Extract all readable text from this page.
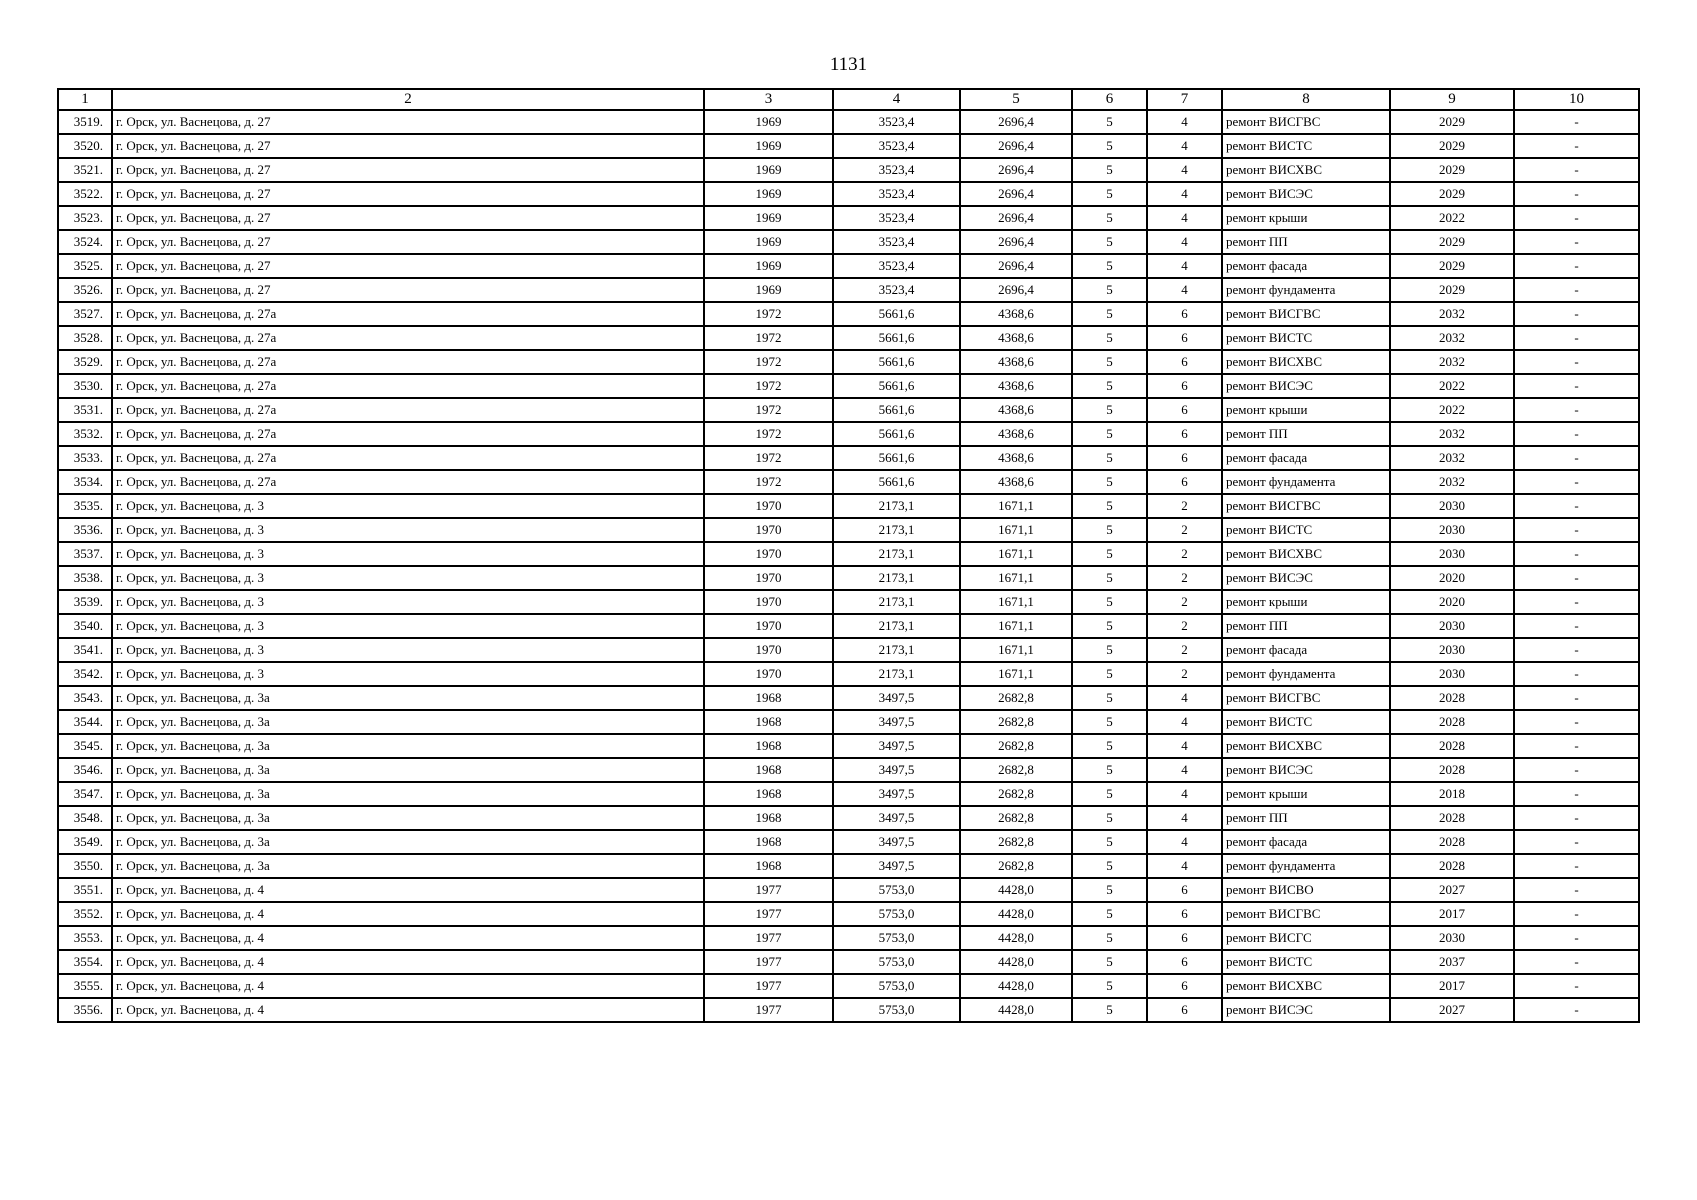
1131
1	2	3	4	5	6	7	8	9	10
3519.	г. Орск, ул. Васнецова, д. 27	1969	3523,4	2696,4	5	4	ремонт ВИСГВС	2029	-
3520.	г. Орск, ул. Васнецова, д. 27	1969	3523,4	2696,4	5	4	ремонт ВИСТС	2029	-
3521.	г. Орск, ул. Васнецова, д. 27	1969	3523,4	2696,4	5	4	ремонт ВИСХВС	2029	-
3522.	г. Орск, ул. Васнецова, д. 27	1969	3523,4	2696,4	5	4	ремонт ВИСЭС	2029	-
3523.	г. Орск, ул. Васнецова, д. 27	1969	3523,4	2696,4	5	4	ремонт крыши	2022	-
3524.	г. Орск, ул. Васнецова, д. 27	1969	3523,4	2696,4	5	4	ремонт ПП	2029	-
3525.	г. Орск, ул. Васнецова, д. 27	1969	3523,4	2696,4	5	4	ремонт фасада	2029	-
3526.	г. Орск, ул. Васнецова, д. 27	1969	3523,4	2696,4	5	4	ремонт фундамента	2029	-
3527.	г. Орск, ул. Васнецова, д. 27а	1972	5661,6	4368,6	5	6	ремонт ВИСГВС	2032	-
3528.	г. Орск, ул. Васнецова, д. 27а	1972	5661,6	4368,6	5	6	ремонт ВИСТС	2032	-
3529.	г. Орск, ул. Васнецова, д. 27а	1972	5661,6	4368,6	5	6	ремонт ВИСХВС	2032	-
3530.	г. Орск, ул. Васнецова, д. 27а	1972	5661,6	4368,6	5	6	ремонт ВИСЭС	2022	-
3531.	г. Орск, ул. Васнецова, д. 27а	1972	5661,6	4368,6	5	6	ремонт крыши	2022	-
3532.	г. Орск, ул. Васнецова, д. 27а	1972	5661,6	4368,6	5	6	ремонт ПП	2032	-
3533.	г. Орск, ул. Васнецова, д. 27а	1972	5661,6	4368,6	5	6	ремонт фасада	2032	-
3534.	г. Орск, ул. Васнецова, д. 27а	1972	5661,6	4368,6	5	6	ремонт фундамента	2032	-
3535.	г. Орск, ул. Васнецова, д. 3	1970	2173,1	1671,1	5	2	ремонт ВИСГВС	2030	-
3536.	г. Орск, ул. Васнецова, д. 3	1970	2173,1	1671,1	5	2	ремонт ВИСТС	2030	-
3537.	г. Орск, ул. Васнецова, д. 3	1970	2173,1	1671,1	5	2	ремонт ВИСХВС	2030	-
3538.	г. Орск, ул. Васнецова, д. 3	1970	2173,1	1671,1	5	2	ремонт ВИСЭС	2020	-
3539.	г. Орск, ул. Васнецова, д. 3	1970	2173,1	1671,1	5	2	ремонт крыши	2020	-
3540.	г. Орск, ул. Васнецова, д. 3	1970	2173,1	1671,1	5	2	ремонт ПП	2030	-
3541.	г. Орск, ул. Васнецова, д. 3	1970	2173,1	1671,1	5	2	ремонт фасада	2030	-
3542.	г. Орск, ул. Васнецова, д. 3	1970	2173,1	1671,1	5	2	ремонт фундамента	2030	-
3543.	г. Орск, ул. Васнецова, д. 3а	1968	3497,5	2682,8	5	4	ремонт ВИСГВС	2028	-
3544.	г. Орск, ул. Васнецова, д. 3а	1968	3497,5	2682,8	5	4	ремонт ВИСТС	2028	-
3545.	г. Орск, ул. Васнецова, д. 3а	1968	3497,5	2682,8	5	4	ремонт ВИСХВС	2028	-
3546.	г. Орск, ул. Васнецова, д. 3а	1968	3497,5	2682,8	5	4	ремонт ВИСЭС	2028	-
3547.	г. Орск, ул. Васнецова, д. 3а	1968	3497,5	2682,8	5	4	ремонт крыши	2018	-
3548.	г. Орск, ул. Васнецова, д. 3а	1968	3497,5	2682,8	5	4	ремонт ПП	2028	-
3549.	г. Орск, ул. Васнецова, д. 3а	1968	3497,5	2682,8	5	4	ремонт фасада	2028	-
3550.	г. Орск, ул. Васнецова, д. 3а	1968	3497,5	2682,8	5	4	ремонт фундамента	2028	-
3551.	г. Орск, ул. Васнецова, д. 4	1977	5753,0	4428,0	5	6	ремонт ВИСВО	2027	-
3552.	г. Орск, ул. Васнецова, д. 4	1977	5753,0	4428,0	5	6	ремонт ВИСГВС	2017	-
3553.	г. Орск, ул. Васнецова, д. 4	1977	5753,0	4428,0	5	6	ремонт ВИСГС	2030	-
3554.	г. Орск, ул. Васнецова, д. 4	1977	5753,0	4428,0	5	6	ремонт ВИСТС	2037	-
3555.	г. Орск, ул. Васнецова, д. 4	1977	5753,0	4428,0	5	6	ремонт ВИСХВС	2017	-
3556.	г. Орск, ул. Васнецова, д. 4	1977	5753,0	4428,0	5	6	ремонт ВИСЭС	2027	-
